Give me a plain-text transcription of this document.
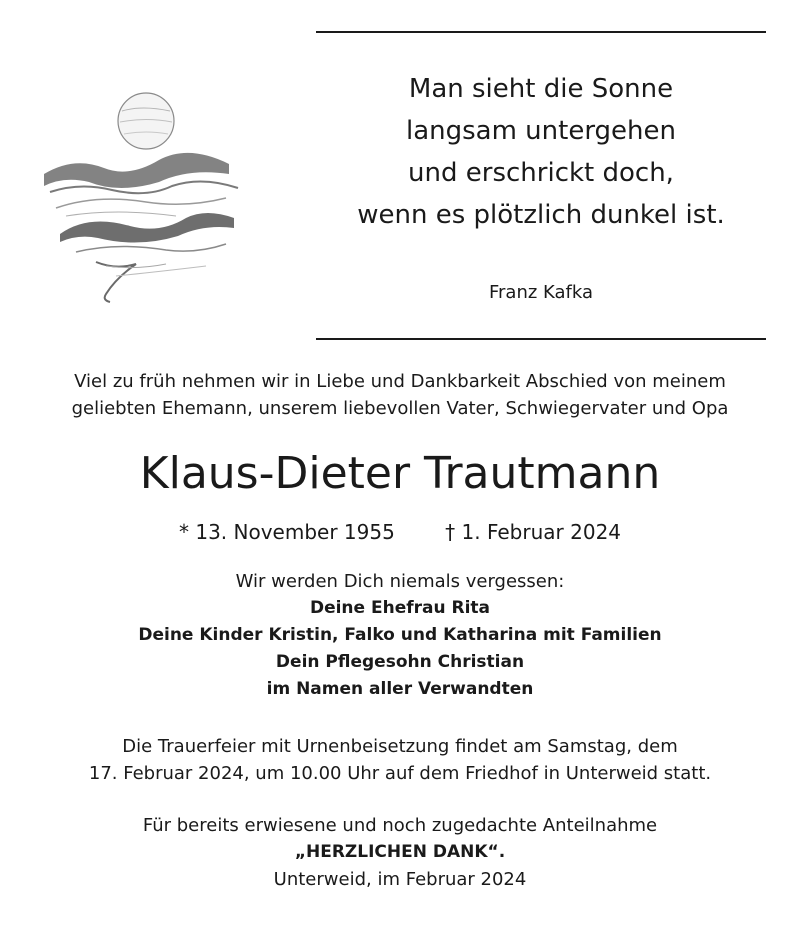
Man sieht die Sonne
langsam untergehen
und erschrickt doch,
wenn es plötzlich dunkel ist.
Franz Kafka
Viel zu früh nehmen wir in Liebe und Dankbarkeit Abschied von meinem
geliebten Ehemann, unserem liebevollen Vater, Schwiegervater und Opa
Klaus-Dieter Trautmann
* 13. November 1955	† 1. Februar 2024
Wir werden Dich niemals vergessen:
Deine Ehefrau Rita
Deine Kinder Kristin, Falko und Katharina mit Familien
Dein Pflegesohn Christian
im Namen aller Verwandten
Die Trauerfeier mit Urnenbeisetzung findet am Samstag, dem
17. Februar 2024, um 10.00 Uhr auf dem Friedhof in Unterweid statt.
Für bereits erwiesene und noch zugedachte Anteilnahme
„HERZLICHEN DANK“.
Unterweid, im Februar 2024
